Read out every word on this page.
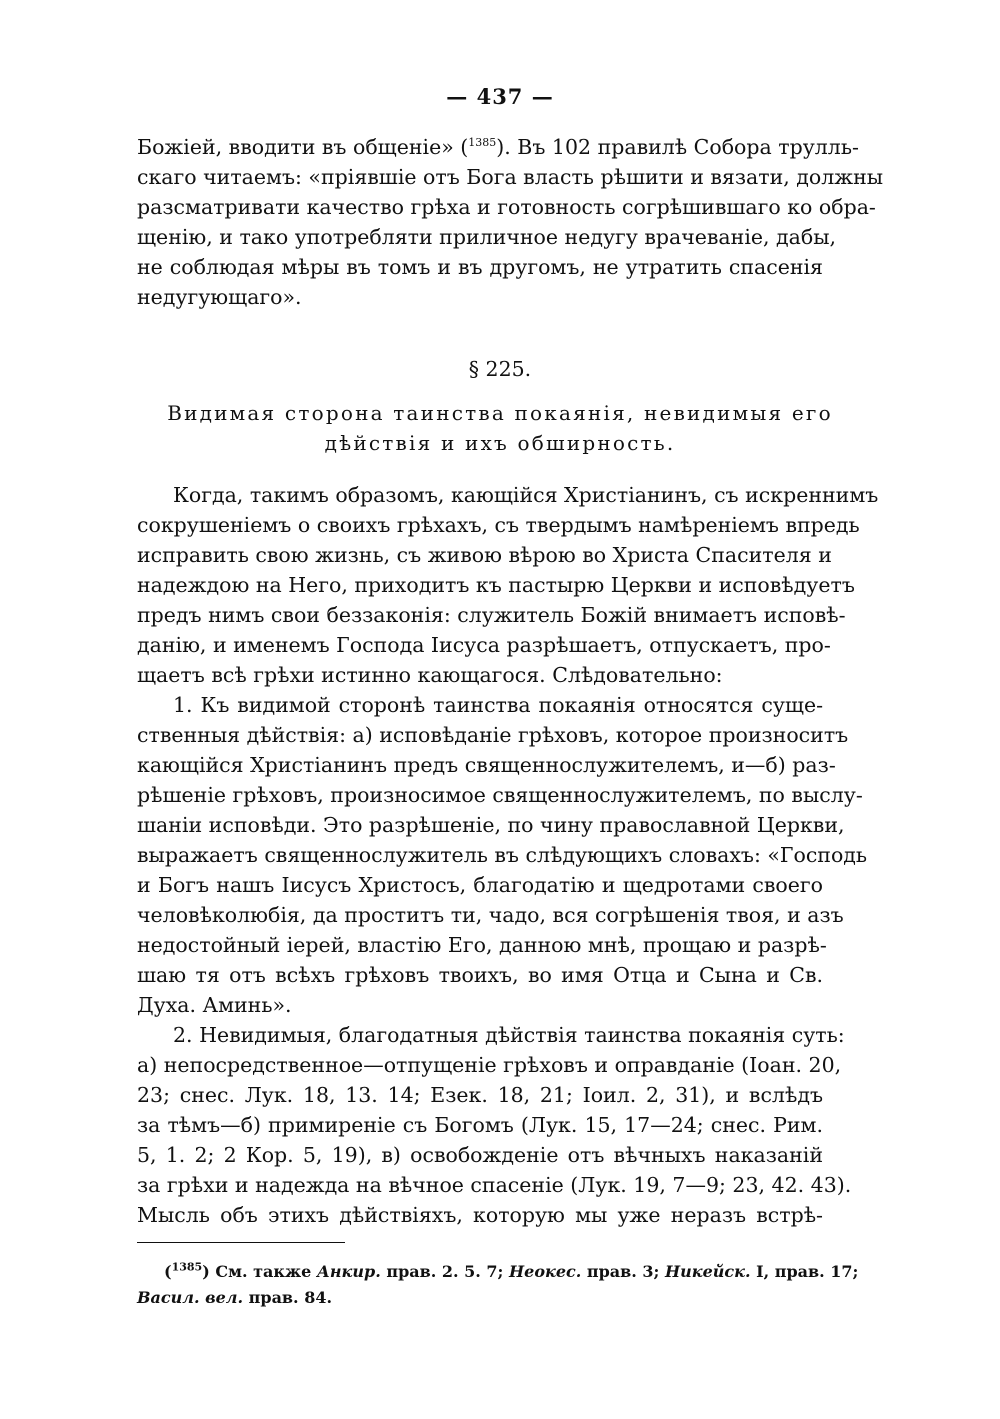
— 437 —
Божіей, вводити въ общеніе» ($^{1385}$). Въ 102 правилѣ Собора трулль-
скаго читаемъ: «пріявшіе отъ Бога власть рѣшити и вязати, должны
разсматривати качество грѣха и готовность согрѣшившаго ко обра-
щенію, и тако употребляти приличное недугу врачеваніе, дабы,
не соблюдая мѣры въ томъ и въ другомъ, не утратить спасенія
недугующаго».
§ 225.
Видимая сторона таинства покаянія, невидимыя его
дѣйствія и ихъ обширность.
Когда, такимъ образомъ, кающійся Христіанинъ, съ искреннимъ
сокрушеніемъ о своихъ грѣхахъ, съ твердымъ намѣреніемъ впредь
исправить свою жизнь, съ живою вѣрою во Христа Спасителя и
надеждою на Него, приходитъ къ пастырю Церкви и исповѣдуетъ
предъ нимъ свои беззаконія: служитель Божій внимаетъ исповѣ-
данію, и именемъ Господа Іисуса разрѣшаетъ, отпускаетъ, про-
щаетъ всѣ грѣхи истинно кающагося. Слѣдовательно:
1. Къ видимой сторонѣ таинства покаянія относятся суще-
ственныя дѣйствія: а) исповѣданіе грѣховъ, которое произноситъ
кающійся Христіанинъ предъ священнослужителемъ, и—б) раз-
рѣшеніе грѣховъ, произносимое священнослужителемъ, по выслу-
шаніи исповѣди. Это разрѣшеніе, по чину православной Церкви,
выражаетъ священнослужитель въ слѣдующихъ словахъ: «Господь
и Богъ нашъ Іисусъ Христосъ, благодатію и щедротами своего
человѣколюбія, да проститъ ти, чадо, вся согрѣшенія твоя, и азъ
недостойный іерей, властію Его, данною мнѣ, прощаю и разрѣ-
шаю тя отъ всѣхъ грѣховъ твоихъ, во имя Отца и Сына и Св.
Духа. Аминь».
2. Невидимыя, благодатныя дѣйствія таинства покаянія суть:
а) непосредственное—отпущеніе грѣховъ и оправданіе (Іоан. 20,
23; снес. Лук. 18, 13. 14; Езек. 18, 21; Іоил. 2, 31), и вслѣдъ
за тѣмъ—б) примиреніе съ Богомъ (Лук. 15, 17—24; снес. Рим.
5, 1. 2; 2 Кор. 5, 19), в) освобожденіе отъ вѣчныхъ наказаній
за грѣхи и надежда на вѣчное спасеніе (Лук. 19, 7—9; 23, 42. 43).
Мысль объ этихъ дѣйствіяхъ, которую мы уже неразъ встрѣ-
($^{1385}$) См. также Анкир. прав. 2. 5. 7; Неокес. прав. 3; Никейск. I, прав. 17;
Васил. вел. прав. 84.
